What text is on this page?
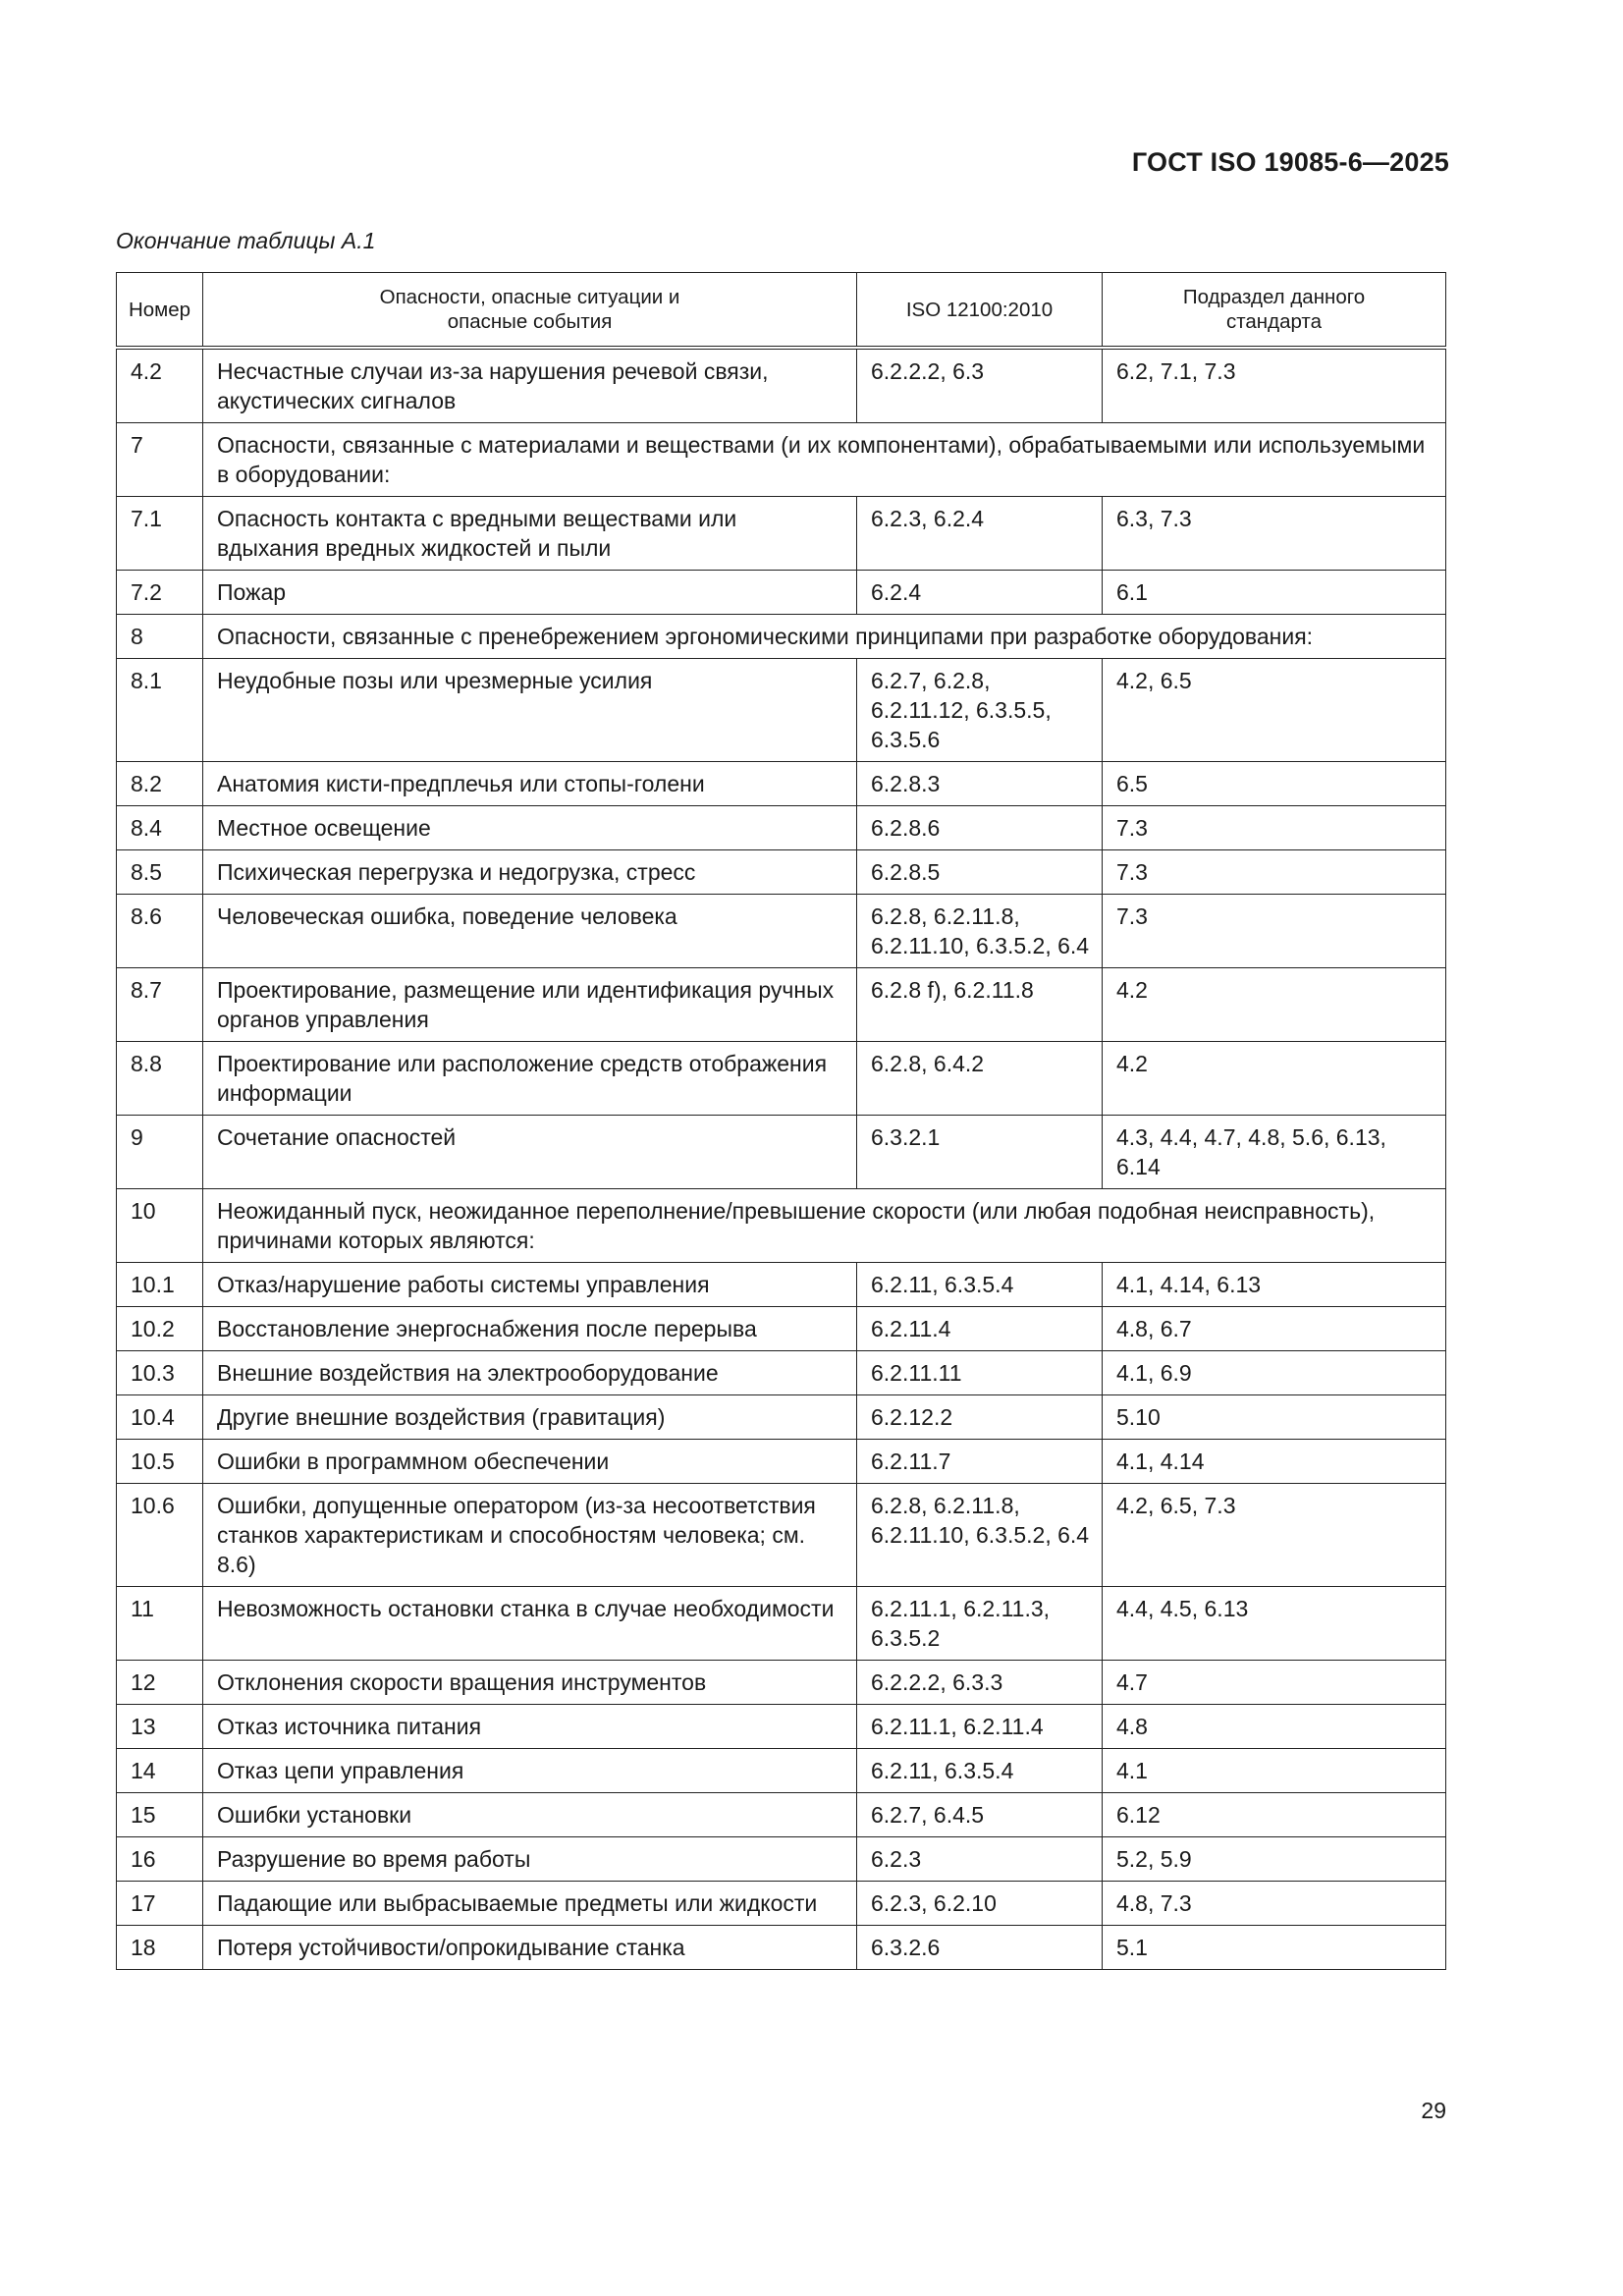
ГОСТ ISO 19085-6—2025
Окончание таблицы А.1
Номер	Опасности, опасные ситуации и опасные события	ISO 12100:2010	Подраздел данного стандарта
4.2	Несчастные случаи из-за нарушения речевой связи, акустических сигналов	6.2.2.2, 6.3	6.2, 7.1, 7.3
7	Опасности, связанные с материалами и веществами (и их компонентами), обрабатываемыми или используемыми в оборудовании:		
7.1	Опасность контакта с вредными веществами или вдыхания вредных жидкостей и пыли	6.2.3, 6.2.4	6.3, 7.3
7.2	Пожар	6.2.4	6.1
8	Опасности, связанные с пренебрежением эргономическими принципами при разработке оборудования:		
8.1	Неудобные позы или чрезмерные усилия	6.2.7, 6.2.8, 6.2.11.12, 6.3.5.5, 6.3.5.6	4.2, 6.5
8.2	Анатомия кисти-предплечья или стопы-голени	6.2.8.3	6.5
8.4	Местное освещение	6.2.8.6	7.3
8.5	Психическая перегрузка и недогрузка, стресс	6.2.8.5	7.3
8.6	Человеческая ошибка, поведение человека	6.2.8, 6.2.11.8, 6.2.11.10, 6.3.5.2, 6.4	7.3
8.7	Проектирование, размещение или идентификация ручных органов управления	6.2.8 f), 6.2.11.8	4.2
8.8	Проектирование или расположение средств отображения информации	6.2.8, 6.4.2	4.2
9	Сочетание опасностей	6.3.2.1	4.3, 4.4, 4.7, 4.8, 5.6, 6.13, 6.14
10	Неожиданный пуск, неожиданное переполнение/превышение скорости (или любая подобная неисправность), причинами которых являются:		
10.1	Отказ/нарушение работы системы управления	6.2.11, 6.3.5.4	4.1, 4.14, 6.13
10.2	Восстановление энергоснабжения после перерыва	6.2.11.4	4.8, 6.7
10.3	Внешние воздействия на электрооборудование	6.2.11.11	4.1, 6.9
10.4	Другие внешние воздействия (гравитация)	6.2.12.2	5.10
10.5	Ошибки в программном обеспечении	6.2.11.7	4.1, 4.14
10.6	Ошибки, допущенные оператором (из-за несоответствия станков характеристикам и способностям человека; см. 8.6)	6.2.8, 6.2.11.8, 6.2.11.10, 6.3.5.2, 6.4	4.2, 6.5, 7.3
11	Невозможность остановки станка в случае необходимости	6.2.11.1, 6.2.11.3, 6.3.5.2	4.4, 4.5, 6.13
12	Отклонения скорости вращения инструментов	6.2.2.2, 6.3.3	4.7
13	Отказ источника питания	6.2.11.1, 6.2.11.4	4.8
14	Отказ цепи управления	6.2.11, 6.3.5.4	4.1
15	Ошибки установки	6.2.7, 6.4.5	6.12
16	Разрушение во время работы	6.2.3	5.2, 5.9
17	Падающие или выбрасываемые предметы или жидкости	6.2.3, 6.2.10	4.8, 7.3
18	Потеря устойчивости/опрокидывание станка	6.3.2.6	5.1
29
